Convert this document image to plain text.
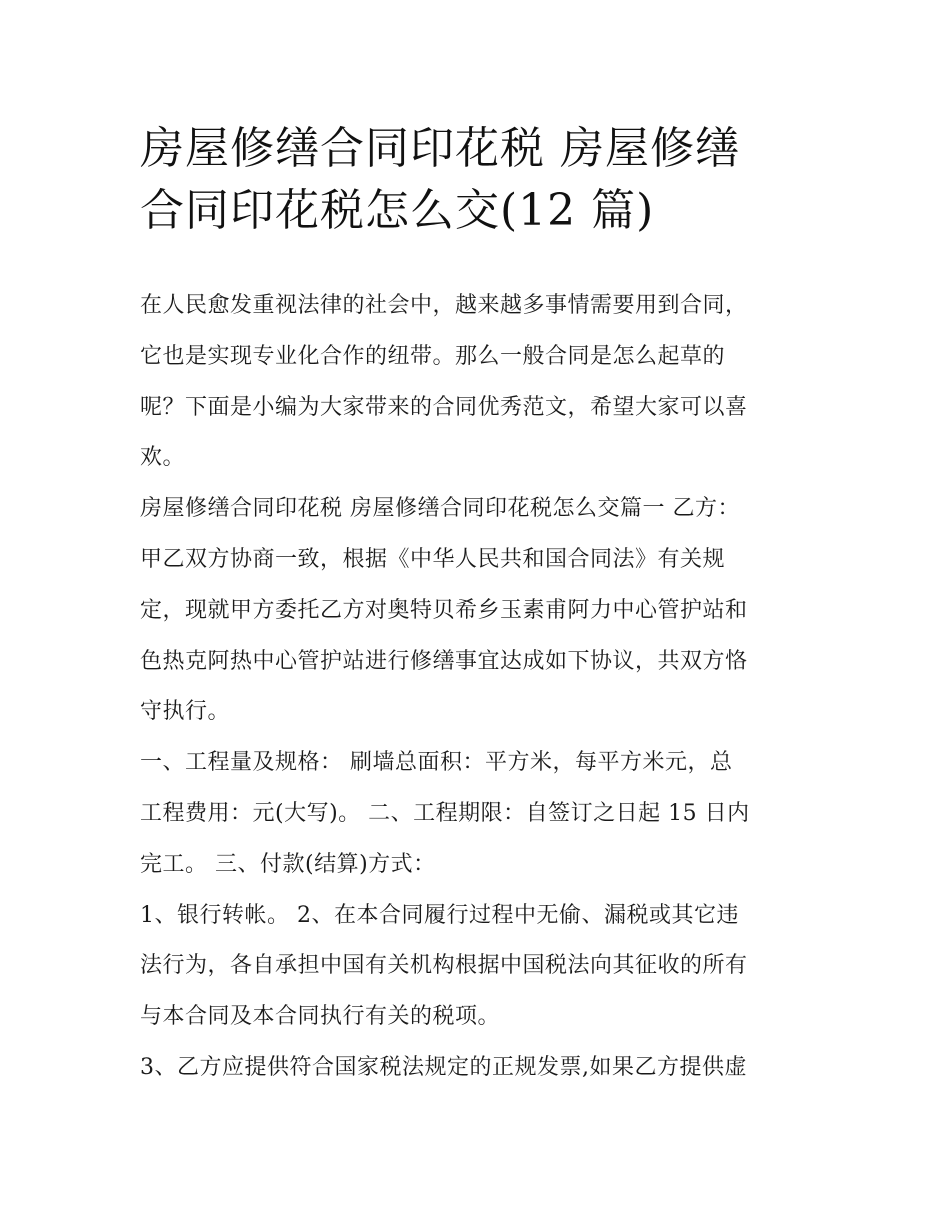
房屋修缮合同印花税 房屋修缮
合同印花税怎么交(12 篇)

在人民愈发重视法律的社会中，越来越多事情需要用到合同，
它也是实现专业化合作的纽带。那么一般合同是怎么起草的
呢？下面是小编为大家带来的合同优秀范文，希望大家可以喜
欢。

房屋修缮合同印花税 房屋修缮合同印花税怎么交篇一 乙方：
甲乙双方协商一致，根据《中华人民共和国合同法》有关规
定，现就甲方委托乙方对奥特贝希乡玉素甫阿力中心管护站和
色热克阿热中心管护站进行修缮事宜达成如下协议，共双方恪
守执行。

一、工程量及规格： 刷墙总面积：平方米，每平方米元，总
工程费用：元(大写)。 二、工程期限：自签订之日起 15 日内
完工。 三、付款(结算)方式：

1、银行转帐。 2、在本合同履行过程中无偷、漏税或其它违
法行为，各自承担中国有关机构根据中国税法向其征收的所有
与本合同及本合同执行有关的税项。

3、乙方应提供符合国家税法规定的正规发票,如果乙方提供虚
